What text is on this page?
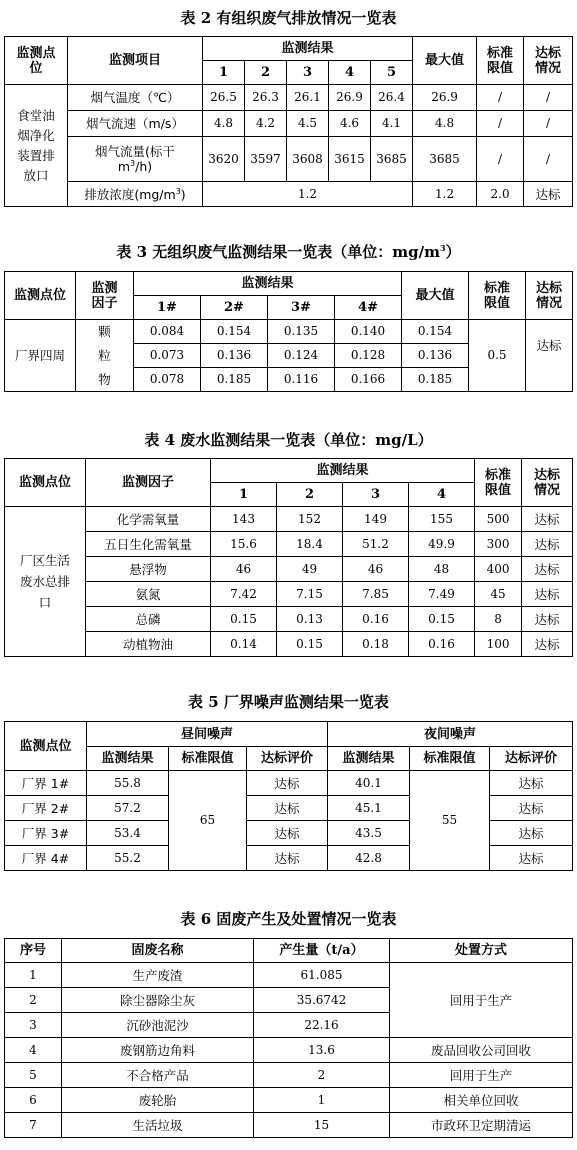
表 2 有组织废气排放情况一览表
监测点
位	监测项目	监测结果					最大值	标准
限值	达标
情况
		1	2	3	4	5			
食堂油
烟净化
装置排
放口	烟气温度（℃）	26.5	26.3	26.1	26.9	26.4	26.9	/	/
	烟气流速（m/s）	4.8	4.2	4.5	4.6	4.1	4.8	/	/
	烟气流量(标干
$m^3/h$)	3620	3597	3608	3615	3685	3685	/	/
	排放浓度$(mg/m^3)$	1.2					1.2	2.0	达标
表 3 无组织废气监测结果一览表（单位：$mg/m^3$）
监测点位	监测
因子	监测结果				最大值	标准
限值	达标
情况
		1#	2#	3#	4#			
厂界四周	颗	0.084	0.154	0.135	0.140	0.154	0.5	达标
	粒	0.073	0.136	0.124	0.128	0.136		
	物	0.078	0.185	0.116	0.166	0.185		
表 4 废水监测结果一览表（单位：mg/L）
监测点位	监测因子	监测结果				标准
限值	达标
情况
		1	2	3	4		
厂区生活
废水总排
口	化学需氧量	143	152	149	155	500	达标
	五日生化需氧量	15.6	18.4	51.2	49.9	300	达标
	悬浮物	46	49	46	48	400	达标
	氨氮	7.42	7.15	7.85	7.49	45	达标
	总磷	0.15	0.13	0.16	0.15	8	达标
	动植物油	0.14	0.15	0.18	0.16	100	达标
表 5 厂界噪声监测结果一览表
监测点位	昼间噪声			夜间噪声		
	监测结果	标准限值	达标评价	监测结果	标准限值	达标评价
厂界 1#	55.8	65	达标	40.1	55	达标
厂界 2#	57.2		达标	45.1		达标
厂界 3#	53.4		达标	43.5		达标
厂界 4#	55.2		达标	42.8		达标
表 6 固废产生及处置情况一览表
序号	固废名称	产生量（t/a）	处置方式
1	生产废渣	61.085	回用于生产
2	除尘器除尘灰	35.6742	
3	沉砂池泥沙	22.16	
4	废钢筋边角料	13.6	废品回收公司回收
5	不合格产品	2	回用于生产
6	废轮胎	1	相关单位回收
7	生活垃圾	15	市政环卫定期清运
